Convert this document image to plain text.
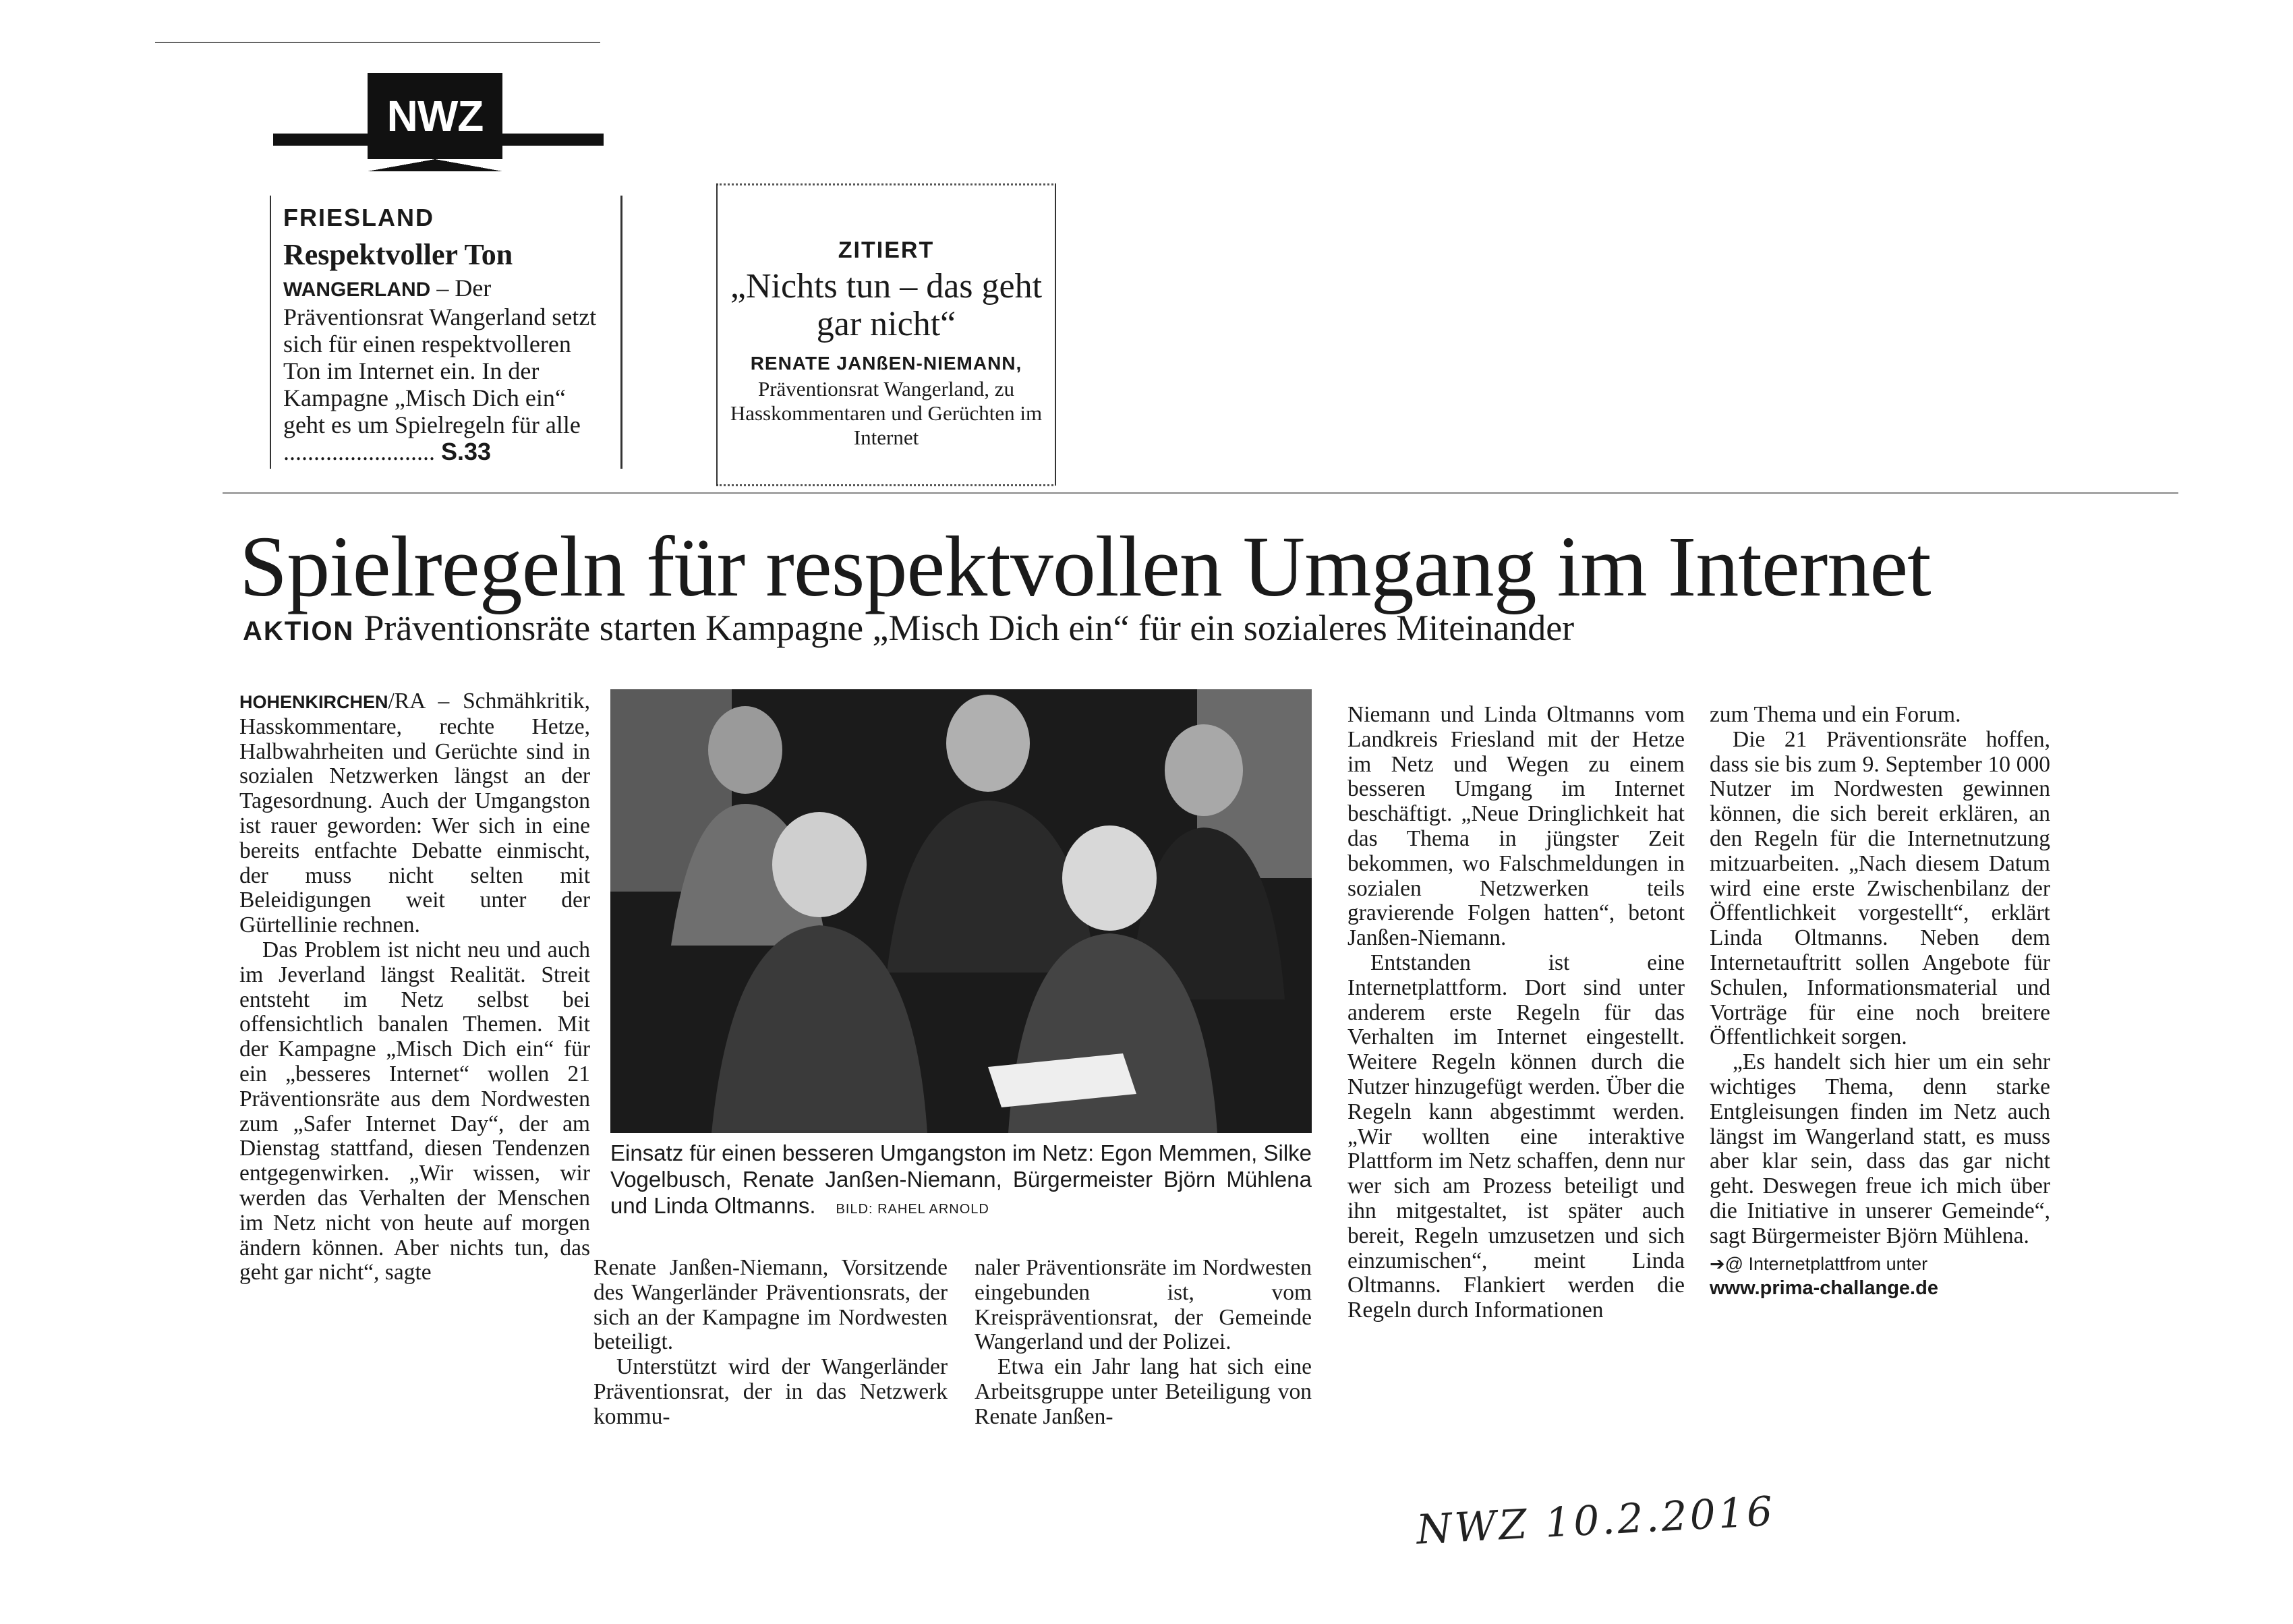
NWZ
FRIESLAND
Respektvoller Ton
WANGERLAND – Der Präventionsrat Wangerland setzt sich für einen respektvolleren Ton im Internet ein. In der Kampagne „Misch Dich ein“ geht es um Spielregeln für alle ......................... S.33
ZITIERT
„Nichts tun – das geht gar nicht“
RENATE JANßEN-NIEMANN,
Präventionsrat Wangerland, zu Hasskommentaren und Gerüchten im Internet
Spielregeln für respektvollen Umgang im Internet
AKTION Präventionsräte starten Kampagne „Misch Dich ein“ für ein sozialeres Miteinander

HOHENKIRCHEN/RA – Schmähkritik, Hasskommentare, rechte Hetze, Halbwahrheiten und Gerüchte sind in sozialen Netzwerken längst an der Tagesordnung. Auch der Umgangston ist rauer geworden: Wer sich in eine bereits entfachte Debatte einmischt, der muss nicht selten mit Beleidigungen weit unter der Gürtellinie rechnen.

Das Problem ist nicht neu und auch im Jeverland längst Realität. Streit entsteht im Netz selbst bei offensichtlich banalen Themen. Mit der Kampagne „Misch Dich ein“ für ein „besseres Internet“ wollen 21 Präventionsräte aus dem Nordwesten zum „Safer Internet Day“, der am Dienstag stattfand, diesen Tendenzen entgegenwirken. „Wir wissen, wir werden das Verhalten der Menschen im Netz nicht von heute auf morgen ändern können. Aber nichts tun, das geht gar nicht“, sagte

Einsatz für einen besseren Umgangston im Netz: Egon Memmen, Silke Vogelbusch, Renate Janßen-Niemann, Bürgermeister Björn Mühlena und Linda Oltmanns. BILD: RAHEL ARNOLD

Renate Janßen-Niemann, Vorsitzende des Wangerländer Präventionsrats, der sich an der Kampagne im Nordwesten beteiligt.

Unterstützt wird der Wangerländer Präventionsrat, der in das Netzwerk kommu-

naler Präventionsräte im Nordwesten eingebunden ist, vom Kreispräventionsrat, der Gemeinde Wangerland und der Polizei.

Etwa ein Jahr lang hat sich eine Arbeitsgruppe unter Beteiligung von Renate Janßen-

Niemann und Linda Oltmanns vom Landkreis Friesland mit der Hetze im Netz und Wegen zu einem besseren Umgang im Internet beschäftigt. „Neue Dringlichkeit hat das Thema in jüngster Zeit bekommen, wo Falschmeldungen in sozialen Netzwerken teils gravierende Folgen hatten“, betont Janßen-Niemann.

Entstanden ist eine Internetplattform. Dort sind unter anderem erste Regeln für das Verhalten im Internet eingestellt. Weitere Regeln können durch die Nutzer hinzugefügt werden. Über die Regeln kann abgestimmt werden. „Wir wollten eine interaktive Plattform im Netz schaffen, denn nur wer sich am Prozess beteiligt und ihn mitgestaltet, ist später auch bereit, Regeln umzusetzen und sich einzumischen“, meint Linda Oltmanns. Flankiert werden die Regeln durch Informationen

zum Thema und ein Forum.

Die 21 Präventionsräte hoffen, dass sie bis zum 9. September 10 000 Nutzer im Nordwesten gewinnen können, die sich bereit erklären, an den Regeln für die Internetnutzung mitzuarbeiten. „Nach diesem Datum wird eine erste Zwischenbilanz der Öffentlichkeit vorgestellt“, erklärt Linda Oltmanns. Neben dem Internetauftritt sollen Angebote für Schulen, Informationsmaterial und Vorträge für eine noch breitere Öffentlichkeit sorgen.

„Es handelt sich hier um ein sehr wichtiges Thema, denn starke Entgleisungen finden im Netz auch längst im Wangerland statt, es muss aber klar sein, dass das gar nicht geht. Deswegen freue ich mich über die Initiative in unserer Gemeinde“, sagt Bürgermeister Björn Mühlena.

➔@ Internetplattfrom unter
www.prima-challange.de
NWZ 10.2.2016
